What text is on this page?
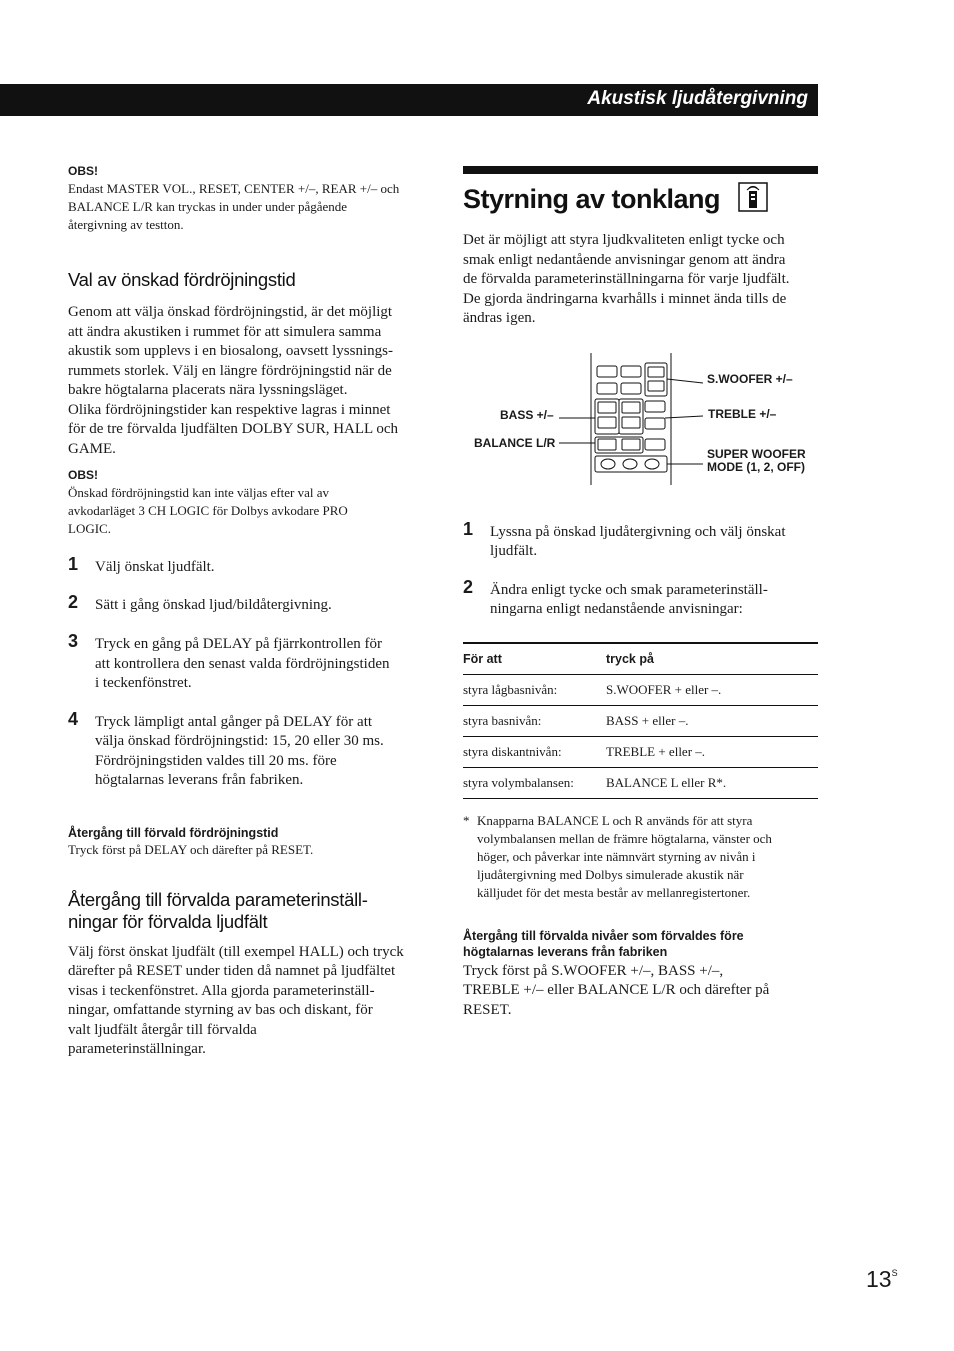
Akustisk ljudåtergivning

OBS!

Endast MASTER VOL., RESET, CENTER +/–, REAR +/– och

BALANCE L/R kan tryckas in under under pågående

återgivning av testton.

Val av önskad fördröjningstid

Genom att välja önskad fördröjningstid, är det möjligt

att ändra akustiken i rummet för att simulera samma

akustik som upplevs i en biosalong, oavsett lyssnings-

rummets storlek. Välj en längre fördröjningstid när de

bakre högtalarna placerats nära lyssningsläget.

Olika fördröjningstider kan respektive lagras i minnet

för de tre förvalda ljudfälten DOLBY SUR, HALL och

GAME.

OBS!

Önskad fördröjningstid kan inte väljas efter val av

avkodarläget 3 CH LOGIC för Dolbys avkodare PRO

LOGIC.

1 Välj önskat ljudfält.
2 Sätt i gång önskad ljud/bildåtergivning.
3 Tryck en gång på DELAY på fjärrkontrollen för
att kontrollera den senast valda fördröjningstiden
i teckenfönstret.
4 Tryck lämpligt antal gånger på DELAY för att
välja önskad fördröjningstid: 15, 20 eller 30 ms.
Fördröjningstiden valdes till 20 ms. före
högtalarnas leverans från fabriken.

Återgång till förvald fördröjningstid

Tryck först på DELAY och därefter på RESET.

Återgång till förvalda parameterinställ-
ningar för förvalda ljudfält

Välj först önskat ljudfält (till exempel HALL) och tryck

därefter på RESET under tiden då namnet på ljudfältet

visas i teckenfönstret. Alla gjorda parameterinställ-

ningar, omfattande styrning av bas och diskant, för

valt ljudfält återgår till förvalda

parameterinställningar.

Styrning av tonklang

Det är möjligt att styra ljudkvaliteten enligt tycke och

smak enligt nedantående anvisningar genom att ändra

de förvalda parameterinställningarna för varje ljudfält.

De gjorda ändringarna kvarhålls i minnet ända tills de

ändras igen.

S.WOOFER +/–
TREBLE +/–
BASS +/–
BALANCE L/R
SUPER WOOFER
MODE (1, 2, OFF)
1 Lyssna på önskad ljudåtergivning och välj önskat
ljudfält.
2 Ändra enligt tycke och smak parameterinställ-
ningarna enligt nedanstående anvisningar:
För att	tryck på
styra lågbasnivån:	S.WOOFER + eller –.
styra basnivån:	BASS + eller –.
styra diskantnivån:	TREBLE + eller –.
styra volymbalansen:	BALANCE L eller R*.
* Knapparna BALANCE L och R används för att styra

volymbalansen mellan de främre högtalarna, vänster och

höger, och påverkar inte nämnvärt styrning av nivån i

ljudåtergivning med Dolbys simulerade akustik när

källjudet för det mesta består av mellanregistertoner.

Återgång till förvalda nivåer som förvaldes före

högtalarnas leverans från fabriken

Tryck först på S.WOOFER +/–, BASS +/–,

TREBLE +/– eller BALANCE L/R och därefter på

RESET.

$13^S$
